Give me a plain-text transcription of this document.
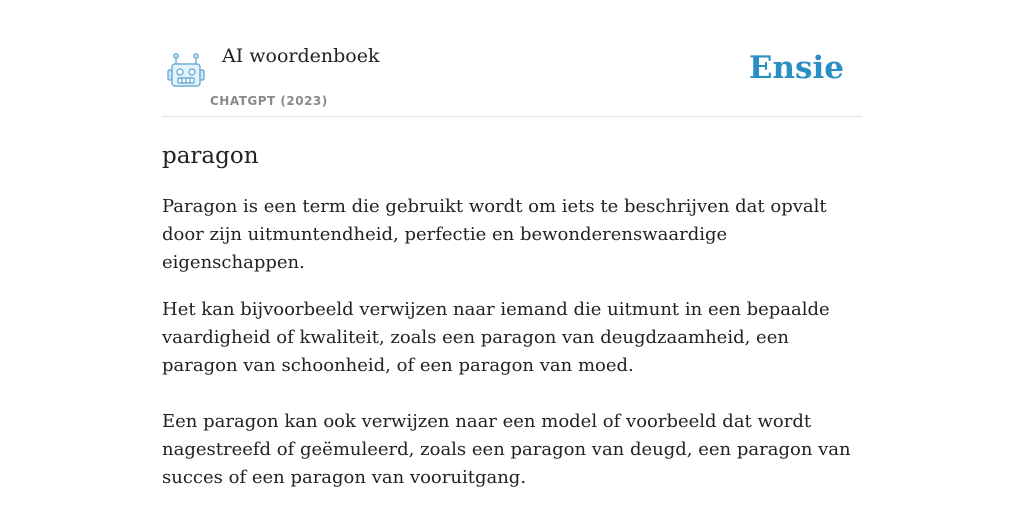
AI woordenboek
CHATGPT (2023)
Ensie
paragon

Paragon is een term die gebruikt wordt om iets te beschrijven dat opvalt door zijn uitmuntendheid, perfectie en bewonderenswaardige eigenschappen.

Het kan bijvoorbeeld verwijzen naar iemand die uitmunt in een bepaalde vaardigheid of kwaliteit, zoals een paragon van deugdzaamheid, een paragon van schoonheid, of een paragon van moed.

Een paragon kan ook verwijzen naar een model of voorbeeld dat wordt nagestreefd of geëmuleerd, zoals een paragon van deugd, een paragon van succes of een paragon van vooruitgang.
